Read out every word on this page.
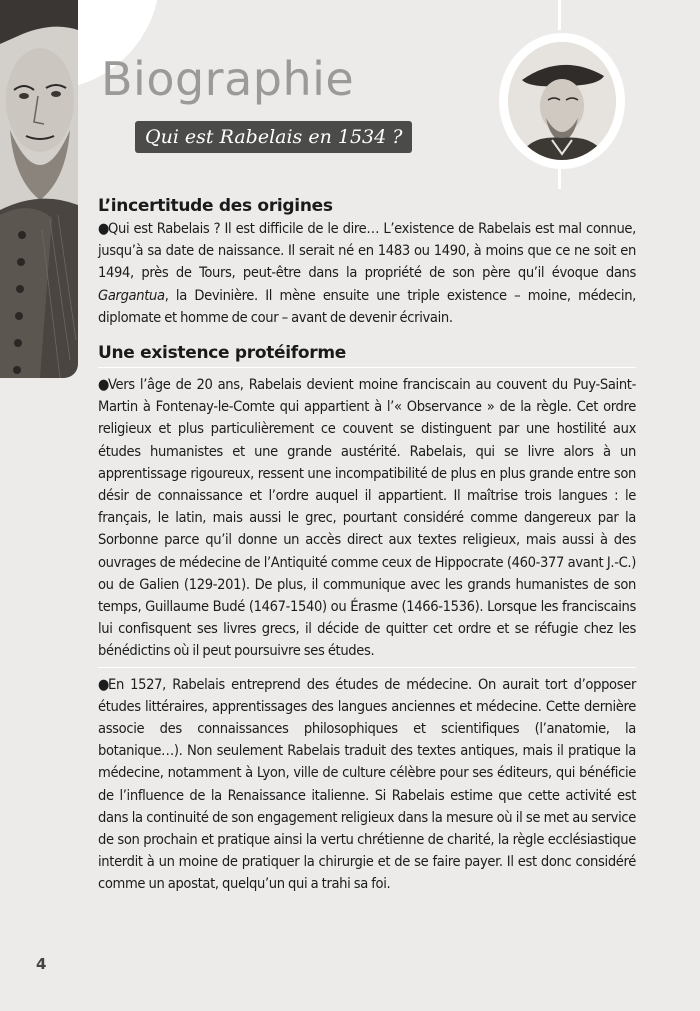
Biographie
Qui est Rabelais en 1534 ?
L’incertitude des origines

●Qui est Rabelais ? Il est difficile de le dire… L’existence de Rabelais est mal connue, jusqu’à sa date de naissance. Il serait né en 1483 ou 1490, à moins que ce ne soit en 1494, près de Tours, peut-être dans la propriété de son père qu’il évoque dans Gargantua, la Devinière. Il mène ensuite une triple existence – moine, médecin, diplomate et homme de cour – avant de devenir écrivain.

Une existence protéiforme

●Vers l’âge de 20 ans, Rabelais devient moine franciscain au couvent du Puy-Saint-Martin à Fontenay-le-Comte qui appartient à l’« Observance » de la règle. Cet ordre religieux et plus particulièrement ce couvent se distinguent par une hostilité aux études humanistes et une grande austérité. Rabelais, qui se livre alors à un apprentissage rigoureux, ressent une incompatibilité de plus en plus grande entre son désir de connaissance et l’ordre auquel il appartient. Il maîtrise trois langues : le français, le latin, mais aussi le grec, pourtant considéré comme dangereux par la Sorbonne parce qu’il donne un accès direct aux textes religieux, mais aussi à des ouvrages de médecine de l’Antiquité comme ceux de Hippocrate (460-377 avant J.-C.) ou de Galien (129-201). De plus, il communique avec les grands humanistes de son temps, Guillaume Budé (1467-1540) ou Érasme (1466-1536). Lorsque les franciscains lui confisquent ses livres grecs, il décide de quitter cet ordre et se réfugie chez les bénédictins où il peut poursuivre ses études.

●En 1527, Rabelais entreprend des études de médecine. On aurait tort d’opposer études littéraires, apprentissages des langues anciennes et médecine. Cette dernière associe des connaissances philosophiques et scientifiques (l’anatomie, la botanique…). Non seulement Rabelais traduit des textes antiques, mais il pratique la médecine, notamment à Lyon, ville de culture célèbre pour ses éditeurs, qui bénéficie de l’influence de la Renaissance italienne. Si Rabelais estime que cette activité est dans la continuité de son engagement religieux dans la mesure où il se met au service de son prochain et pratique ainsi la vertu chrétienne de charité, la règle ecclésiastique interdit à un moine de pratiquer la chirurgie et de se faire payer. Il est donc considéré comme un apostat, quelqu’un qui a trahi sa foi.

4
